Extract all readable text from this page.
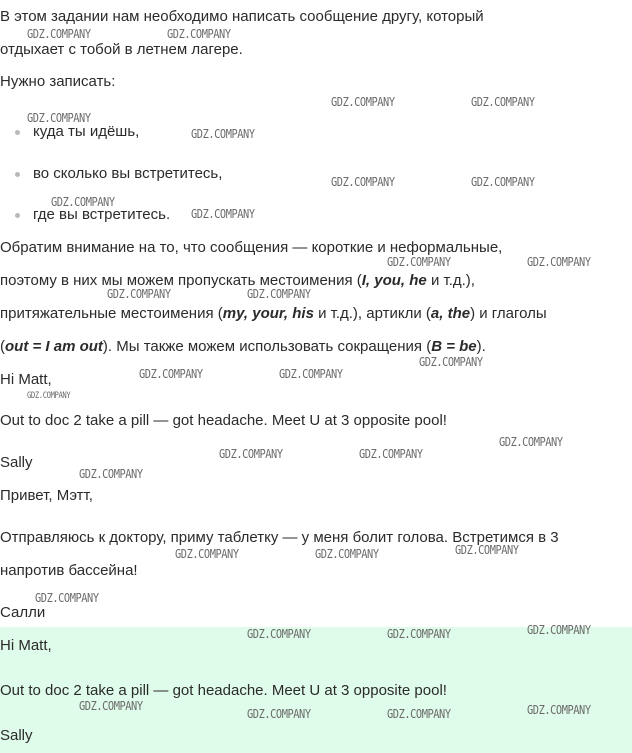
В этом задании нам необходимо написать сообщение другу, который
отдыхает с тобой в летнем лагере.
Нужно записать:
куда ты идёшь,
во сколько вы встретитесь,
где вы встретитесь.
Обратим внимание на то, что сообщения — короткие и неформальные,
поэтому в них мы можем пропускать местоимения (I, you, he и т.д.),
притяжательные местоимения (my, your, his и т.д.), артикли (a, the) и глаголы
(out = I am out). Мы также можем использовать сокращения (B = be).
Hi Matt,
Out to doc 2 take a pill — got headache. Meet U at 3 opposite pool!
Sally
Привет, Мэтт,
Отправляюсь к доктору, приму таблетку — у меня болит голова. Встретимся в 3
напротив бассейна!
Салли
Hi Matt,
Out to doc 2 take a pill — got headache. Meet U at 3 opposite pool!
Sally
GDZ.COMPANY	GDZ.COMPANY
GDZ.COMPANY	GDZ.COMPANY
GDZ.COMPANY
GDZ.COMPANY
GDZ.COMPANY	GDZ.COMPANY
GDZ.COMPANY
GDZ.COMPANY
GDZ.COMPANY	GDZ.COMPANY
GDZ.COMPANY	GDZ.COMPANY
GDZ.COMPANY
GDZ.COMPANY	GDZ.COMPANY
GDZ.COMPANY
GDZ.COMPANY
GDZ.COMPANY	GDZ.COMPANY
GDZ.COMPANY
GDZ.COMPANY
GDZ.COMPANY	GDZ.COMPANY
GDZ.COMPANY
GDZ.COMPANY
GDZ.COMPANY	GDZ.COMPANY
GDZ.COMPANY	GDZ.COMPANY
GDZ.COMPANY	GDZ.COMPANY
